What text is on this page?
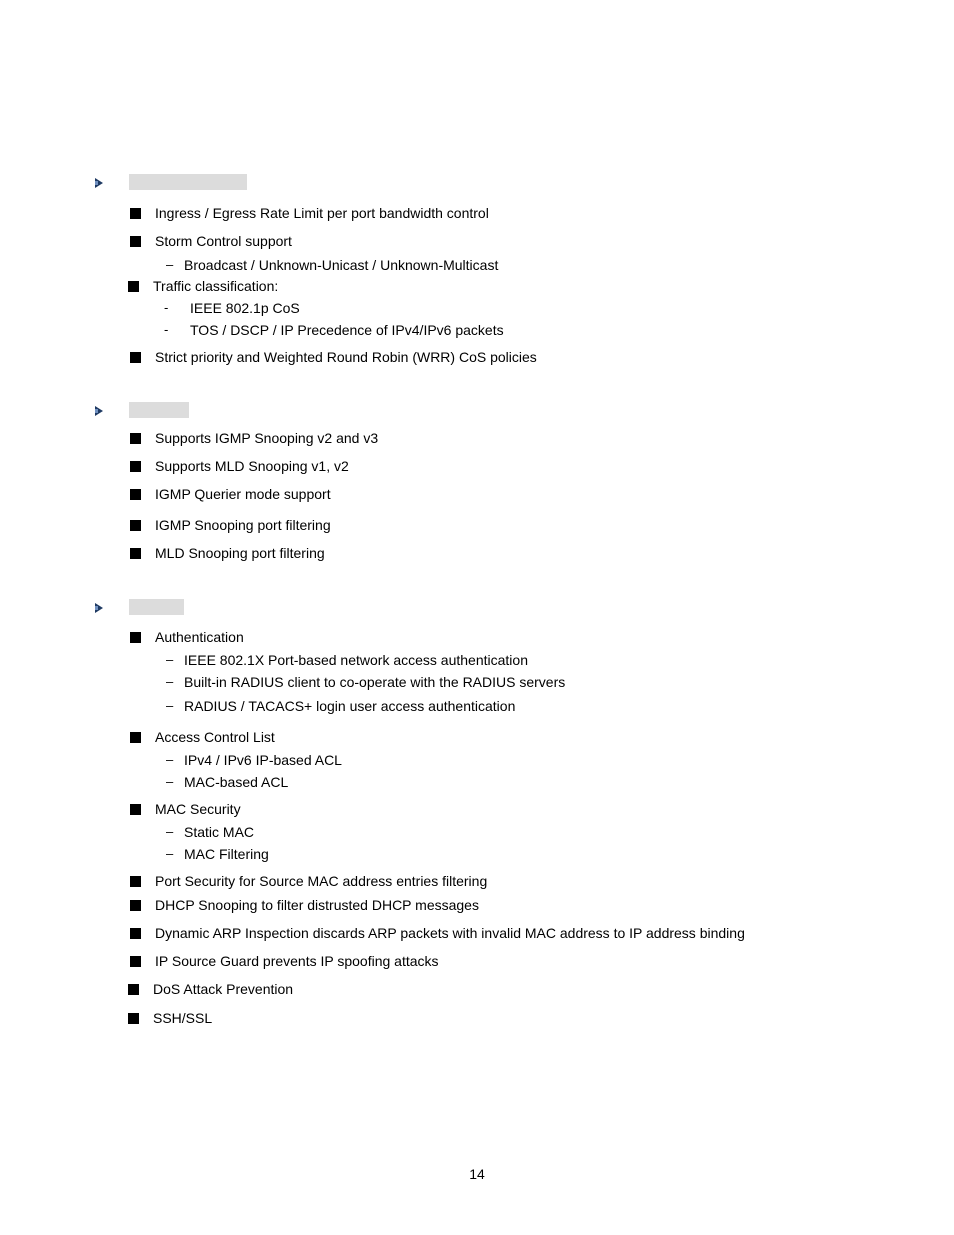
Ingress / Egress Rate Limit per port bandwidth control
Storm Control support
– Broadcast / Unknown-Unicast / Unknown-Multicast
Traffic classification:
- IEEE 802.1p CoS
- TOS / DSCP / IP Precedence of IPv4/IPv6 packets
Strict priority and Weighted Round Robin (WRR) CoS policies
Supports IGMP Snooping v2 and v3
Supports MLD Snooping v1, v2
IGMP Querier mode support
IGMP Snooping port filtering
MLD Snooping port filtering
Authentication
– IEEE 802.1X Port-based network access authentication
– Built-in RADIUS client to co-operate with the RADIUS servers
– RADIUS / TACACS+ login user access authentication
Access Control List
– IPv4 / IPv6 IP-based ACL
– MAC-based ACL
MAC Security
– Static MAC
– MAC Filtering
Port Security for Source MAC address entries filtering
DHCP Snooping to filter distrusted DHCP messages
Dynamic ARP Inspection discards ARP packets with invalid MAC address to IP address binding
IP Source Guard prevents IP spoofing attacks
DoS Attack Prevention
SSH/SSL
14
